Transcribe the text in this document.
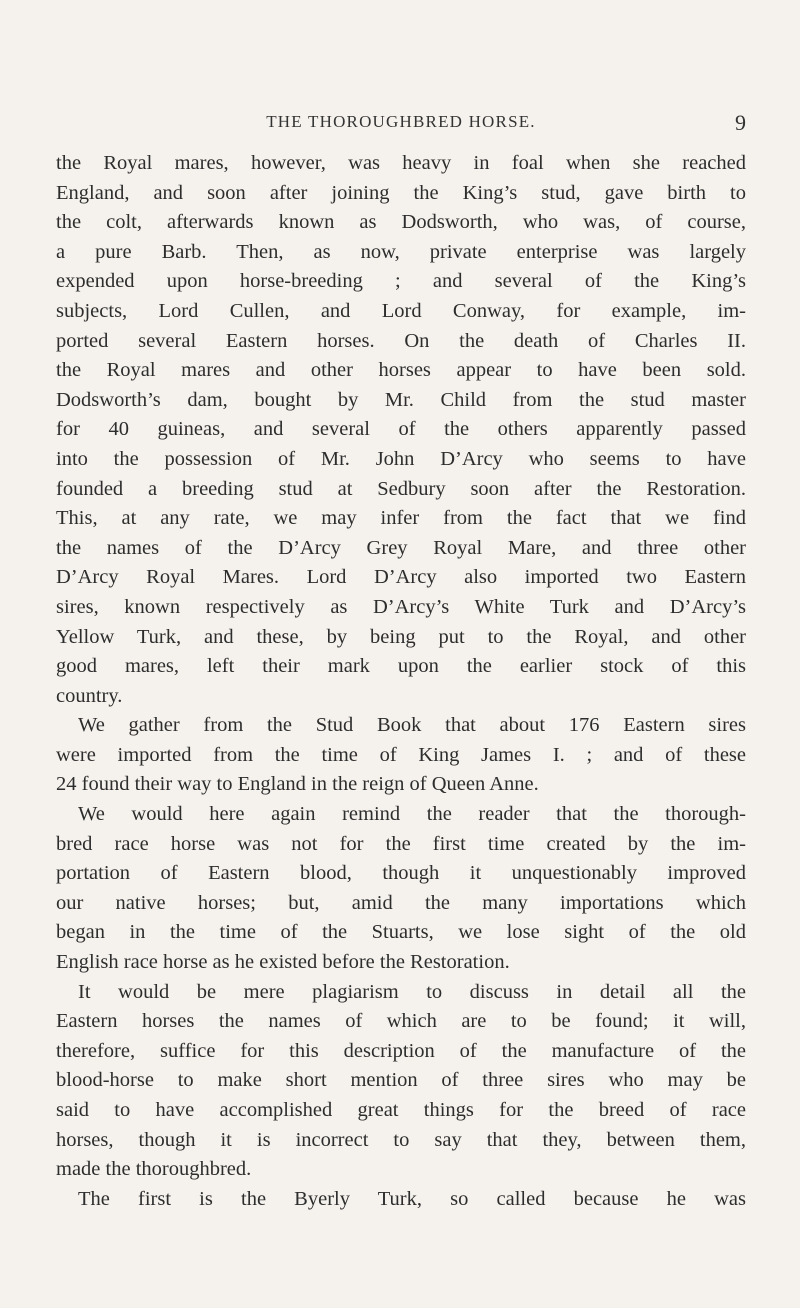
THE THOROUGHBRED HORSE.	9
the Royal mares, however, was heavy in foal when she reached
England, and soon after joining the King’s stud, gave birth to
the colt, afterwards known as Dodsworth, who was, of course,
a pure Barb. Then, as now, private enterprise was largely
expended upon horse-breeding ; and several of the King’s
subjects, Lord Cullen, and Lord Conway, for example, im-
ported several Eastern horses. On the death of Charles II.
the Royal mares and other horses appear to have been sold.
Dodsworth’s dam, bought by Mr. Child from the stud master
for 40 guineas, and several of the others apparently passed
into the possession of Mr. John D’Arcy who seems to have
founded a breeding stud at Sedbury soon after the Restoration.
This, at any rate, we may infer from the fact that we find
the names of the D’Arcy Grey Royal Mare, and three other
D’Arcy Royal Mares. Lord D’Arcy also imported two Eastern
sires, known respectively as D’Arcy’s White Turk and D’Arcy’s
Yellow Turk, and these, by being put to the Royal, and other
good mares, left their mark upon the earlier stock of this
country.
We gather from the Stud Book that about 176 Eastern sires
were imported from the time of King James I. ; and of these
24 found their way to England in the reign of Queen Anne.
We would here again remind the reader that the thorough-
bred race horse was not for the first time created by the im-
portation of Eastern blood, though it unquestionably improved
our native horses; but, amid the many importations which
began in the time of the Stuarts, we lose sight of the old
English race horse as he existed before the Restoration.
It would be mere plagiarism to discuss in detail all the
Eastern horses the names of which are to be found; it will,
therefore, suffice for this description of the manufacture of the
blood-horse to make short mention of three sires who may be
said to have accomplished great things for the breed of race
horses, though it is incorrect to say that they, between them,
made the thoroughbred.
The first is the Byerly Turk, so called because he was
